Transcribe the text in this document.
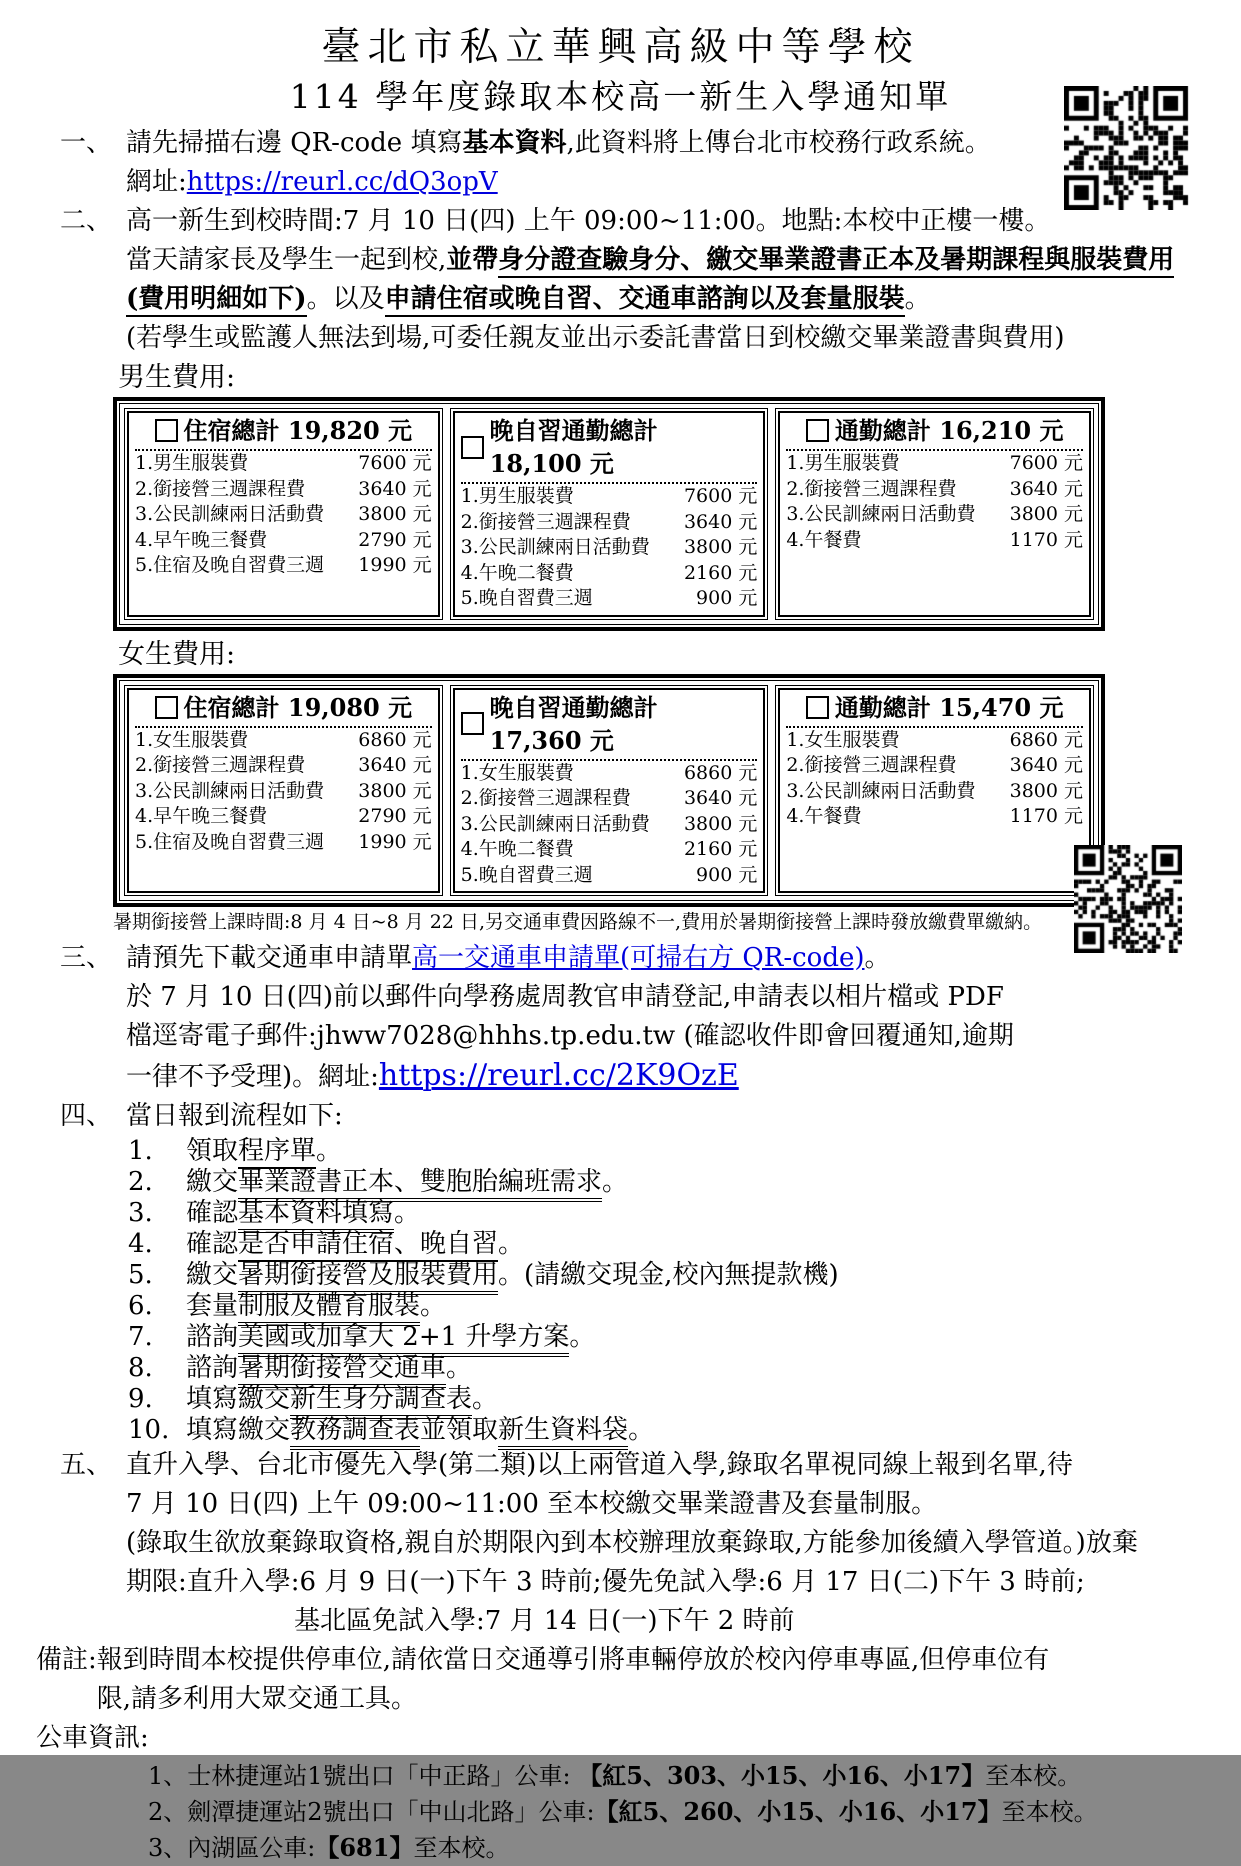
臺北市私立華興高級中等學校
114 學年度錄取本校高一新生入學通知單
一、 請先掃描右邊 QR-code 填寫基本資料,此資料將上傳台北市校務行政系統。
網址:https://reurl.cc/dQ3opV
二、 高一新生到校時間:7 月 10 日(四) 上午 09:00~11:00。地點:本校中正樓一樓。
當天請家長及學生一起到校,並帶身分證查驗身分、繳交畢業證書正本及暑期課程與服裝費用(費用明細如下)。以及申請住宿或晚自習、交通車諮詢以及套量服裝。
(若學生或監護人無法到場,可委任親友並出示委託書當日到校繳交畢業證書與費用)
男生費用:
住宿總計 19,820 元
1.男生服裝費	7600 元
2.銜接營三週課程費	3640 元
3.公民訓練兩日活動費 3800 元
4.早午晚三餐費	2790 元
5.住宿及晚自習費三週 1990 元
晚自習通勤總計 18,100 元
1.男生服裝費	7600 元
2.銜接營三週課程費	3640 元
3.公民訓練兩日活動費 3800 元
4.午晚二餐費	2160 元
5.晚自習費三週	900 元
通勤總計 16,210 元
1.男生服裝費	7600 元
2.銜接營三週課程費	3640 元
3.公民訓練兩日活動費 3800 元
4.午餐費	1170 元
女生費用:
住宿總計 19,080 元
1.女生服裝費	6860 元
2.銜接營三週課程費	3640 元
3.公民訓練兩日活動費 3800 元
4.早午晚三餐費	2790 元
5.住宿及晚自習費三週 1990 元
晚自習通勤總計 17,360 元
1.女生服裝費	6860 元
2.銜接營三週課程費	3640 元
3.公民訓練兩日活動費 3800 元
4.午晚二餐費	2160 元
5.晚自習費三週	900 元
通勤總計 15,470 元
1.女生服裝費	6860 元
2.銜接營三週課程費	3640 元
3.公民訓練兩日活動費 3800 元
4.午餐費	1170 元
暑期銜接營上課時間:8 月 4 日~8 月 22 日,另交通車費因路線不一,費用於暑期銜接營上課時發放繳費單繳納。
三、 請預先下載交通車申請單高一交通車申請單(可掃右方 QR-code)。
於 7 月 10 日(四)前以郵件向學務處周教官申請登記,申請表以相片檔或 PDF
檔逕寄電子郵件:jhww7028@hhhs.tp.edu.tw (確認收件即會回覆通知,逾期
一律不予受理)。網址:https://reurl.cc/2K9OzE
四、 當日報到流程如下:
1.	領取程序單。
2.	繳交畢業證書正本、雙胞胎編班需求。
3.	確認基本資料填寫。
4.	確認是否申請住宿、晚自習。
5.	繳交暑期銜接營及服裝費用。(請繳交現金,校內無提款機)
6.	套量制服及體育服裝。
7.	諮詢美國或加拿大 2+1 升學方案。
8.	諮詢暑期銜接營交通車。
9.	填寫繳交新生身分調查表。
10. 填寫繳交教務調查表並領取新生資料袋。
五、 直升入學、台北市優先入學(第二類)以上兩管道入學,錄取名單視同線上報到名單,待
7 月 10 日(四) 上午 09:00~11:00 至本校繳交畢業證書及套量制服。
(錄取生欲放棄錄取資格,親自於期限內到本校辦理放棄錄取,方能參加後續入學管道。)放棄
期限:直升入學:6 月 9 日(一)下午 3 時前;優先免試入學:6 月 17 日(二)下午 3 時前;
基北區免試入學:7 月 14 日(一)下午 2 時前
備註: 報到時間本校提供停車位,請依當日交通導引將車輛停放於校內停車專區,但停車位有
限,請多利用大眾交通工具。
公車資訊:
1、士林捷運站1號出口「中正路」公車: 【紅5、303、小15、小16、小17】至本校。
2、劍潭捷運站2號出口「中山北路」公車:【紅5、260、小15、小16、小17】至本校。
3、內湖區公車:【681】至本校。
